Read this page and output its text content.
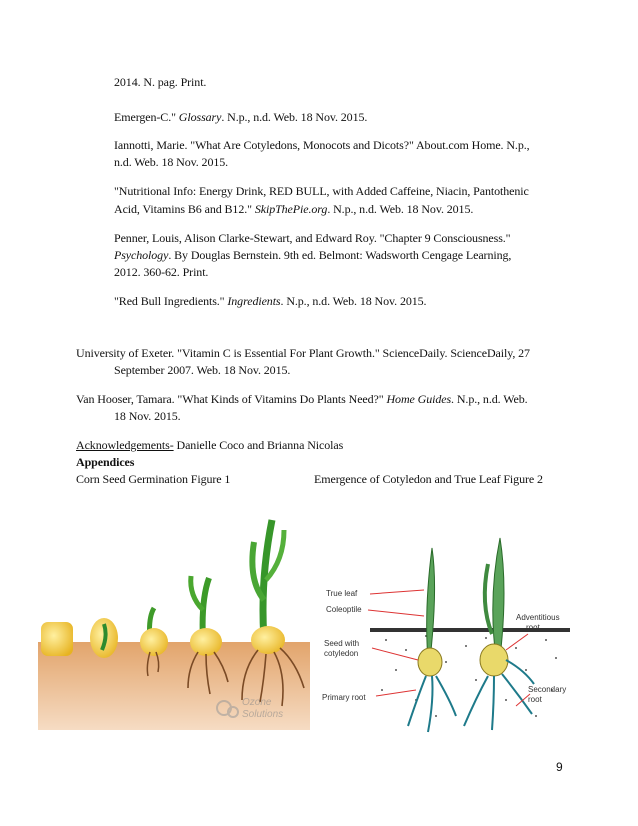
2014. N. pag. Print.
Emergen-C." Glossary. N.p., n.d. Web. 18 Nov. 2015.
Iannotti, Marie. "What Are Cotyledons, Monocots and Dicots?" About.com Home. N.p.,
n.d. Web. 18 Nov. 2015.
"Nutritional Info: Energy Drink, RED BULL, with Added Caffeine, Niacin, Pantothenic
Acid, Vitamins B6 and B12." SkipThePie.org. N.p., n.d. Web. 18 Nov. 2015.
Penner, Louis, Alison Clarke-Stewart, and Edward Roy. "Chapter 9 Consciousness."
Psychology. By Douglas Bernstein. 9th ed. Belmont: Wadsworth Cengage Learning,
2012. 360-62. Print.
"Red Bull Ingredients." Ingredients. N.p., n.d. Web. 18 Nov. 2015.
University of Exeter. "Vitamin C is Essential For Plant Growth." ScienceDaily. ScienceDaily, 27
September 2007. Web. 18 Nov. 2015.
Van Hooser, Tamara. "What Kinds of Vitamins Do Plants Need?" Home Guides. N.p., n.d. Web.
18 Nov. 2015.
Acknowledgements- Danielle Coco and Brianna Nicolas
Appendices
Corn Seed Germination Figure 1	Emergence of Cotyledon and True Leaf Figure 2
Ozone
Solutions
True leaf
Coleoptile
Seed with
cotyledon
Primary root
Adventitious
root
Secondary
root
9
